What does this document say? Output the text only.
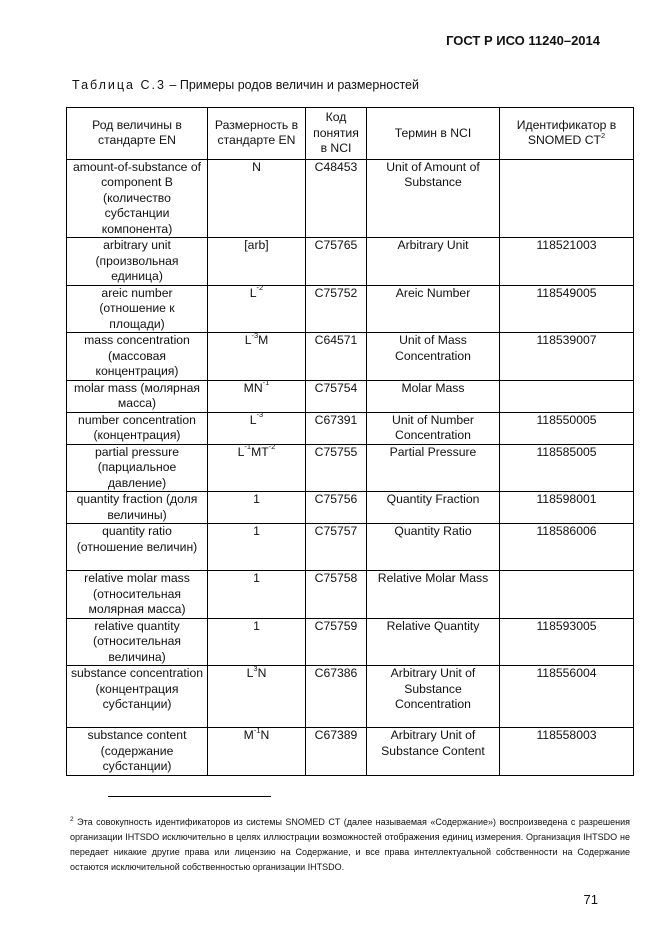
ГОСТ Р ИСО 11240–2014
Таблица С.3 – Примеры родов величин и размерностей
Род величины в стандарте EN	Размерность в стандарте EN	Код понятия в NCI	Термин в NCI	Идентификатор в SNOMED $CT^2$
amount-of-substance of component B (количество субстанции компонента)	N	C48453	Unit of Amount of Substance	
arbitrary unit (произвольная единица)	[arb]	C75765	Arbitrary Unit	118521003
areic number (отношение к площади)	$L^{-2}$	C75752	Areic Number	118549005
mass concentration (массовая концентрация)	$L^{-3}M$	C64571	Unit of Mass Concentration	118539007
molar mass (молярная масса)	$MN^{-1}$	C75754	Molar Mass	
number concentration (концентрация)	$L^{-3}$	C67391	Unit of Number Concentration	118550005
partial pressure (парциальное давление)	$L^{-1}MT^{-2}$	C75755	Partial Pressure	118585005
quantity fraction (доля величины)	1	C75756	Quantity Fraction	118598001
quantity ratio (отношение величин)	1	C75757	Quantity Ratio	118586006
relative molar mass (относительная молярная масса)	1	C75758	Relative Molar Mass	
relative quantity (относительная величина)	1	C75759	Relative Quantity	118593005
substance concentration (концентрация субстанции)	$L^3N$	C67386	Arbitrary Unit of Substance Concentration	118556004
substance content (содержание субстанции)	$M^{-1}N$	C67389	Arbitrary Unit of Substance Content	118558003
$^2$ Эта совокупность идентификаторов из системы SNOMED CT (далее называемая «Содержание») воспроизведена с разрешения организации IHTSDO исключительно в целях иллюстрации возможностей отображения единиц измерения. Организация IHTSDO не передает никакие другие права или лицензию на Содержание, и все права интеллектуальной собственности на Содержание остаются исключительной собственностью организации IHTSDO.
71
